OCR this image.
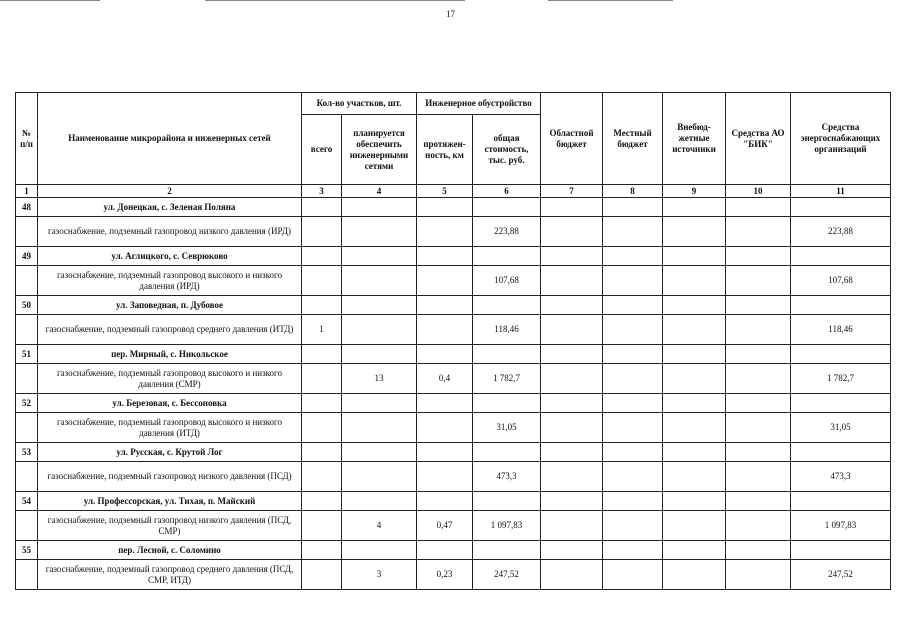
17
№
п/п	Наименование микрорайона и инженерных сетей	Кол-во участков, шт.		Инженерное обустройство		Областной бюджет	Местный бюджет	Внебюд-жетные источники	Средства АО "БИК"	Средства энергоснабжающих организаций
		всего	планируется обеспечить инженерными сетями	протяжен-ность, км	общая стоимость, тыс. руб.					
1	2	3	4	5	6	7	8	9	10	11
48	ул. Донецкая, с. Зеленая Поляна									
	газоснабжение, подземный газопровод низкого давления (ИРД)				223,88					223,88
49	ул. Аглицкого, с. Севрюково									
	газоснабжение, подземный газопровод высокого и низкого давления (ИРД)				107,68					107,68
50	ул. Заповедная, п. Дубовое									
	газоснабжение, подземный газопровод среднего давления (ИТД)	1			118,46					118,46
51	пер. Мирный, с. Никольское									
	газоснабжение, подземный газопровод высокого и низкого давления (СМР)		13	0,4	1 782,7					1 782,7
52	ул. Березовая, с. Бессоновка									
	газоснабжение, подземный газопровод высокого и низкого давления (ИТД)				31,05					31,05
53	ул. Русская, с. Крутой Лог									
	газоснабжение, подземный газопровод низкого давления (ПСД)				473,3					473,3
54	ул. Профессорская, ул. Тихая, п. Майский									
	газоснабжение, подземный газопровод низкого давления (ПСД, СМР)		4	0,47	1 097,83					1 097,83
55	пер. Лесной, с. Соломино									
	газоснабжение, подземный газопровод среднего давления (ПСД, СМР, ИТД)		3	0,23	247,52					247,52
